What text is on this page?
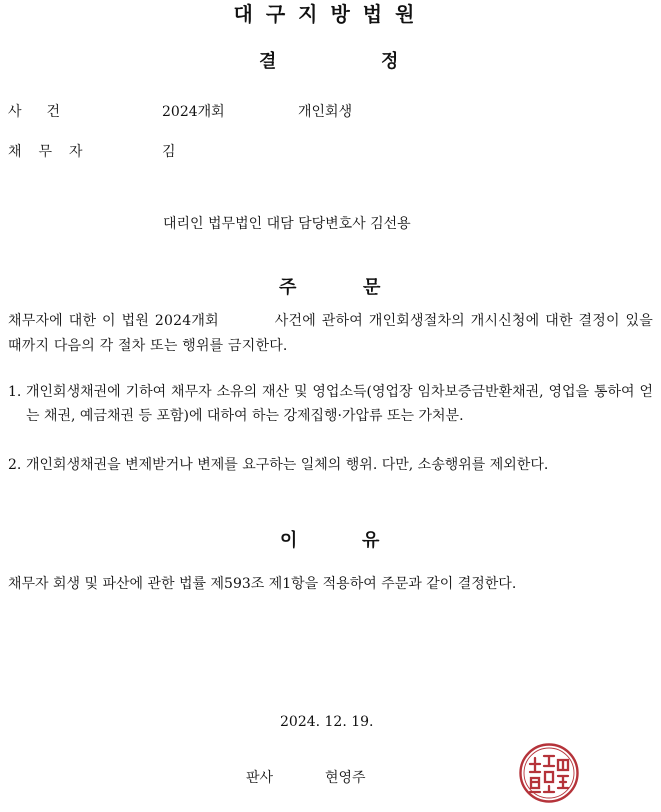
대구지방법원
결	정
사건	2024개회	개인회생
채무자	김
대리인 법무법인 대담 담당변호사 김선용
주	문
채무자에 대한 이 법원 2024개회	사건에 관하여 개인회생절차의 개시신청에 대한 결정이 있을 때까지 다음의 각 절차 또는 행위를 금지한다.
1. 개인회생채권에 기하여 채무자 소유의 재산 및 영업소득(영업장 임차보증금반환채권, 영업을 통하여 얻는 채권, 예금채권 등 포함)에 대하여 하는 강제집행·가압류 또는 가처분.
2. 개인회생채권을 변제받거나 변제를 요구하는 일체의 행위. 다만, 소송행위를 제외한다.
이	유
채무자 회생 및 파산에 관한 법률 제593조 제1항을 적용하여 주문과 같이 결정한다.
2024. 12. 19.
판사	현영주
